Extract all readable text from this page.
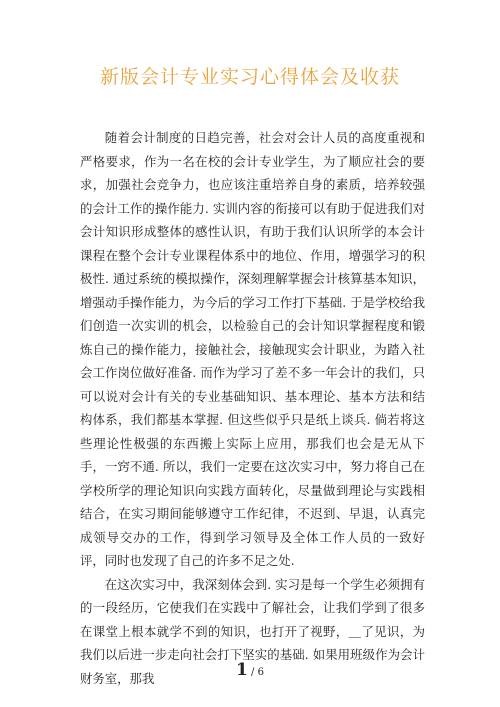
新版会计专业实习心得体会及收获

随着会计制度的日趋完善，社会对会计人员的高度重视和严格要求，作为一名在校的会计专业学生，为了顺应社会的要求，加强社会竞争力，也应该注重培养自身的素质，培养较强的会计工作的操作能力. 实训内容的衔接可以有助于促进我们对会计知识形成整体的感性认识，有助于我们认识所学的本会计课程在整个会计专业课程体系中的地位、作用，增强学习的积极性. 通过系统的模拟操作，深刻理解掌握会计核算基本知识，增强动手操作能力，为今后的学习工作打下基础. 于是学校给我们创造一次实训的机会，以检验自己的会计知识掌握程度和锻炼自己的操作能力，接触社会，接触现实会计职业，为踏入社会工作岗位做好准备. 而作为学习了差不多一年会计的我们，只可以说对会计有关的专业基础知识、基本理论、基本方法和结构体系，我们都基本掌握. 但这些似乎只是纸上谈兵. 倘若将这些理论性极强的东西搬上实际上应用，那我们也会是无从下手，一窍不通. 所以，我们一定要在这次实习中，努力将自己在学校所学的理论知识向实践方面转化，尽量做到理论与实践相结合，在实习期间能够遵守工作纪律，不迟到、早退，认真完成领导交办的工作，得到学习领导及全体工作人员的一致好评，同时也发现了自己的许多不足之处.

在这次实习中，我深刻体会到. 实习是每一个学生必须拥有的一段经历，它使我们在实践中了解社会，让我们学到了很多在课堂上根本就学不到的知识，也打开了视野，＿了见识，为我们以后进一步走向社会打下坚实的基础. 如果用班级作为会计财务室，那我	1 / 6
